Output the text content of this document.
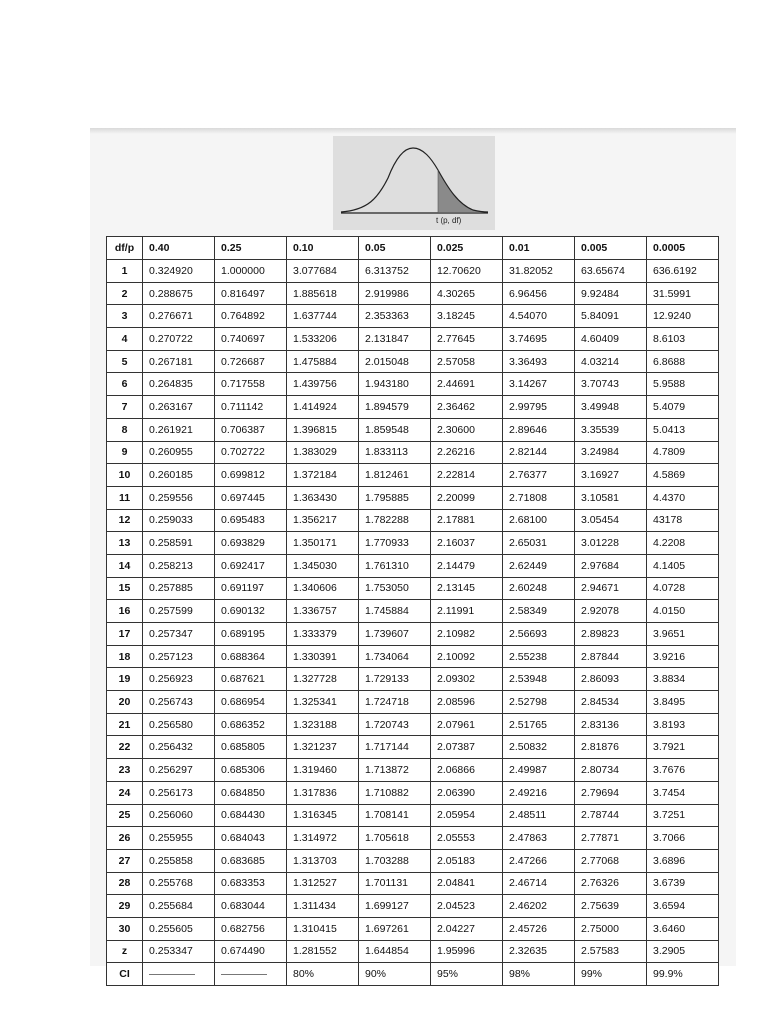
t (p, df)
df/p	0.40	0.25	0.10	0.05	0.025	0.01	0.005	0.0005
1	0.324920	1.000000	3.077684	6.313752	12.70620	31.82052	63.65674	636.6192
2	0.288675	0.816497	1.885618	2.919986	4.30265	6.96456	9.92484	31.5991
3	0.276671	0.764892	1.637744	2.353363	3.18245	4.54070	5.84091	12.9240
4	0.270722	0.740697	1.533206	2.131847	2.77645	3.74695	4.60409	8.6103
5	0.267181	0.726687	1.475884	2.015048	2.57058	3.36493	4.03214	6.8688
6	0.264835	0.717558	1.439756	1.943180	2.44691	3.14267	3.70743	5.9588
7	0.263167	0.711142	1.414924	1.894579	2.36462	2.99795	3.49948	5.4079
8	0.261921	0.706387	1.396815	1.859548	2.30600	2.89646	3.35539	5.0413
9	0.260955	0.702722	1.383029	1.833113	2.26216	2.82144	3.24984	4.7809
10	0.260185	0.699812	1.372184	1.812461	2.22814	2.76377	3.16927	4.5869
11	0.259556	0.697445	1.363430	1.795885	2.20099	2.71808	3.10581	4.4370
12	0.259033	0.695483	1.356217	1.782288	2.17881	2.68100	3.05454	43178
13	0.258591	0.693829	1.350171	1.770933	2.16037	2.65031	3.01228	4.2208
14	0.258213	0.692417	1.345030	1.761310	2.14479	2.62449	2.97684	4.1405
15	0.257885	0.691197	1.340606	1.753050	2.13145	2.60248	2.94671	4.0728
16	0.257599	0.690132	1.336757	1.745884	2.11991	2.58349	2.92078	4.0150
17	0.257347	0.689195	1.333379	1.739607	2.10982	2.56693	2.89823	3.9651
18	0.257123	0.688364	1.330391	1.734064	2.10092	2.55238	2.87844	3.9216
19	0.256923	0.687621	1.327728	1.729133	2.09302	2.53948	2.86093	3.8834
20	0.256743	0.686954	1.325341	1.724718	2.08596	2.52798	2.84534	3.8495
21	0.256580	0.686352	1.323188	1.720743	2.07961	2.51765	2.83136	3.8193
22	0.256432	0.685805	1.321237	1.717144	2.07387	2.50832	2.81876	3.7921
23	0.256297	0.685306	1.319460	1.713872	2.06866	2.49987	2.80734	3.7676
24	0.256173	0.684850	1.317836	1.710882	2.06390	2.49216	2.79694	3.7454
25	0.256060	0.684430	1.316345	1.708141	2.05954	2.48511	2.78744	3.7251
26	0.255955	0.684043	1.314972	1.705618	2.05553	2.47863	2.77871	3.7066
27	0.255858	0.683685	1.313703	1.703288	2.05183	2.47266	2.77068	3.6896
28	0.255768	0.683353	1.312527	1.701131	2.04841	2.46714	2.76326	3.6739
29	0.255684	0.683044	1.311434	1.699127	2.04523	2.46202	2.75639	3.6594
30	0.255605	0.682756	1.310415	1.697261	2.04227	2.45726	2.75000	3.6460
z	0.253347	0.674490	1.281552	1.644854	1.95996	2.32635	2.57583	3.2905
CI			80%	90%	95%	98%	99%	99.9%
